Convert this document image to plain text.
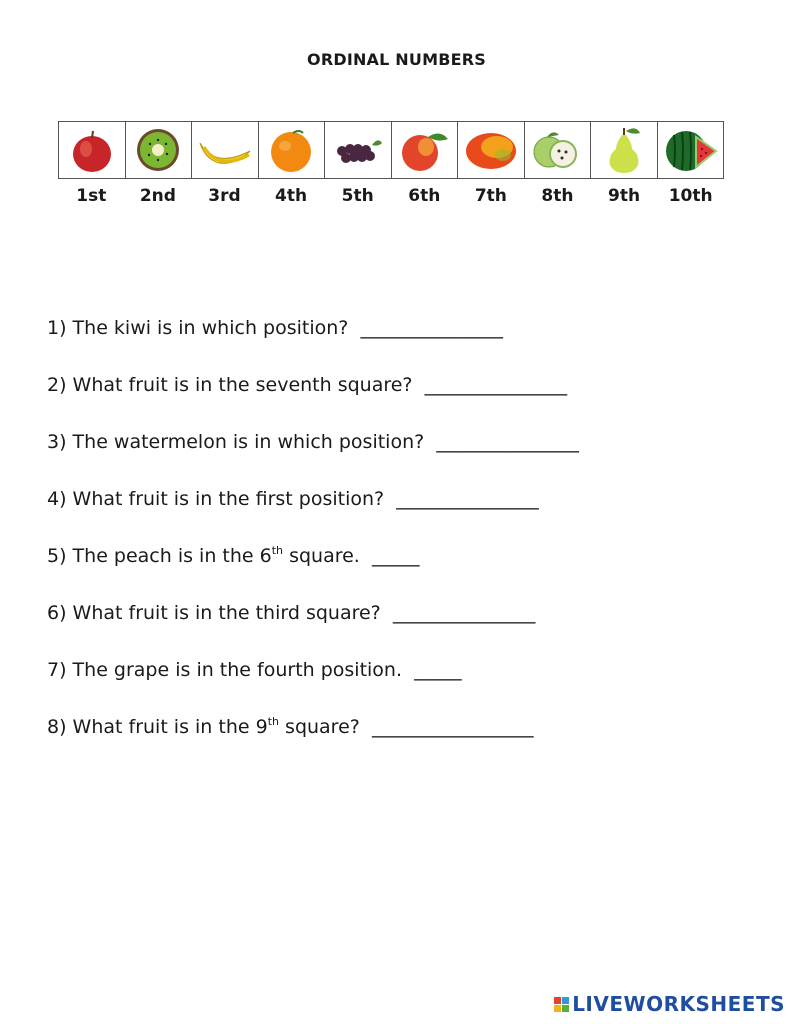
ORDINAL NUMBERS
1st	2nd	3rd	4th	5th	6th	7th	8th	9th	10th
1) The kiwi is in which position? _______________
2) What fruit is in the seventh square? _______________
3) The watermelon is in which position? _______________
4) What fruit is in the first position? _______________
5) The peach is in the 6th square. _____
6) What fruit is in the third square? _______________
7) The grape is in the fourth position. _____
8) What fruit is in the 9th square? _________________
LIVEWORKSHEETS
